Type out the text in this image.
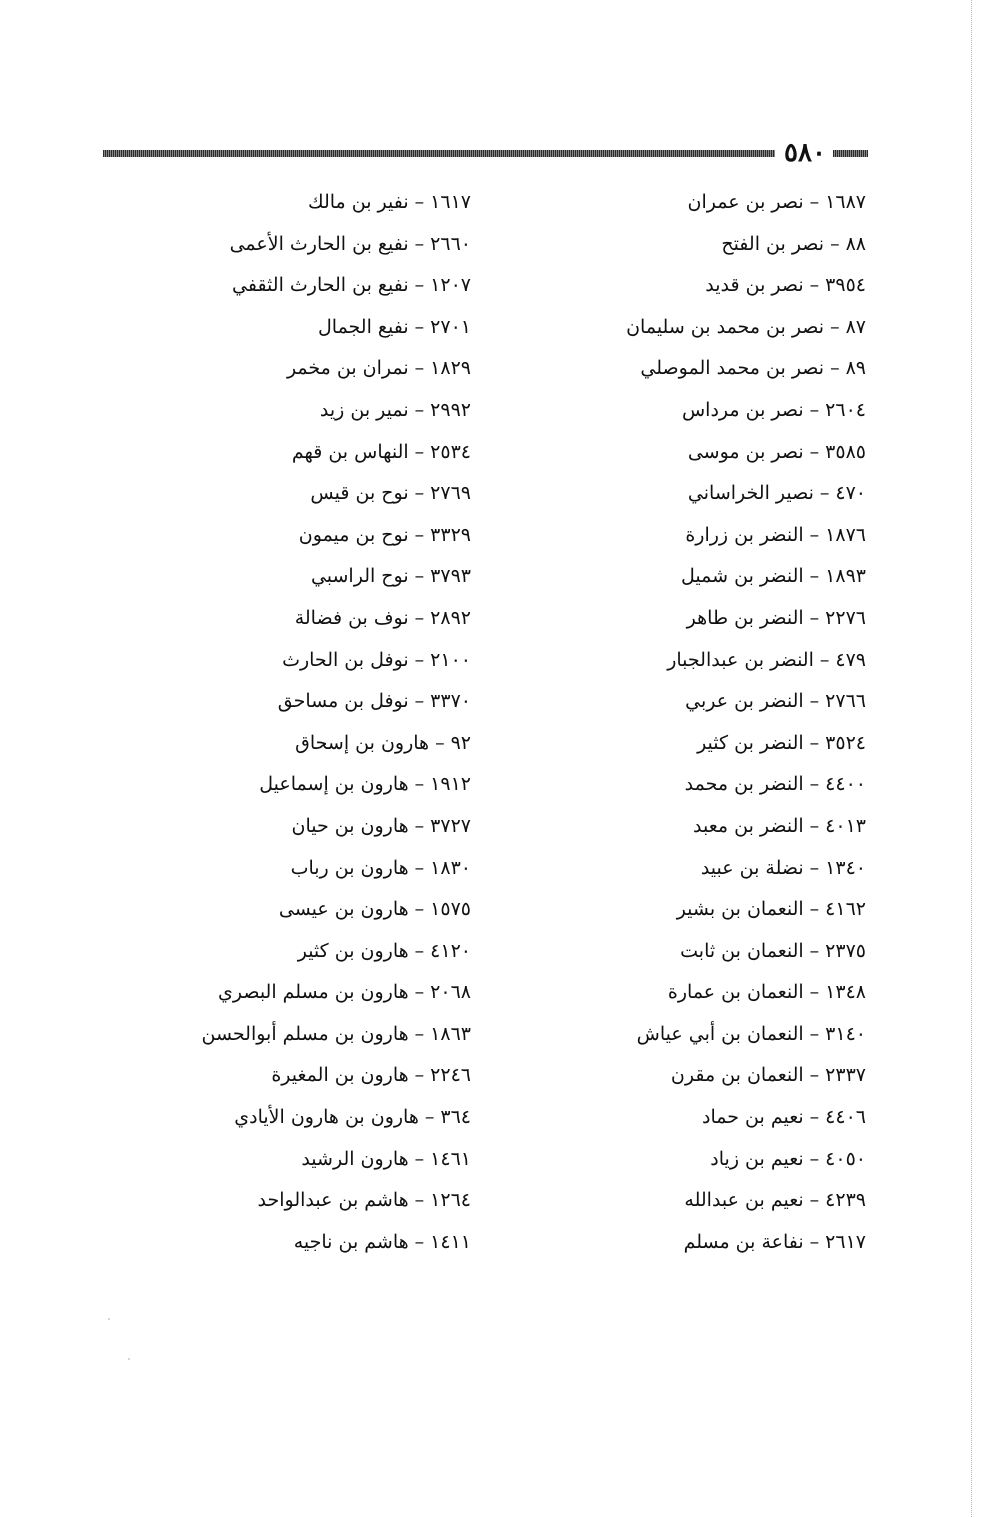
٥٨٠
١٦٨٧–نصر بن عمران
٨٨–نصر بن الفتح
٣٩٥٤–نصر بن قديد
٨٧–نصر بن محمد بن سليمان
٨٩–نصر بن محمد الموصلي
٢٦٠٤–نصر بن مرداس
٣٥٨٥–نصر بن موسى
٤٧٠–نصير الخراساني
١٨٧٦–النضر بن زرارة
١٨٩٣–النضر بن شميل
٢٢٧٦–النضر بن طاهر
٤٧٩–النضر بن عبدالجبار
٢٧٦٦–النضر بن عربي
٣٥٢٤–النضر بن كثير
٤٤٠٠–النضر بن محمد
٤٠١٣–النضر بن معبد
١٣٤٠–نضلة بن عبيد
٤١٦٢–النعمان بن بشير
٢٣٧٥–النعمان بن ثابت
١٣٤٨–النعمان بن عمارة
٣١٤٠–النعمان بن أبي عياش
٢٣٣٧–النعمان بن مقرن
٤٤٠٦–نعيم بن حماد
٤٠٥٠–نعيم بن زياد
٤٢٣٩–نعيم بن عبدالله
٢٦١٧–نفاعة بن مسلم
١٦١٧–نفير بن مالك
٢٦٦٠–نفيع بن الحارث الأعمى
١٢٠٧–نفيع بن الحارث الثقفي
٢٧٠١–نفيع الجمال
١٨٢٩–نمران بن مخمر
٢٩٩٢–نمير بن زيد
٢٥٣٤–النهاس بن قهم
٢٧٦٩–نوح بن قيس
٣٣٢٩–نوح بن ميمون
٣٧٩٣–نوح الراسبي
٢٨٩٢–نوف بن فضالة
٢١٠٠–نوفل بن الحارث
٣٣٧٠–نوفل بن مساحق
٩٢–هارون بن إسحاق
١٩١٢–هارون بن إسماعيل
٣٧٢٧–هارون بن حيان
١٨٣٠–هارون بن رباب
١٥٧٥–هارون بن عيسى
٤١٢٠–هارون بن كثير
٢٠٦٨–هارون بن مسلم البصري
١٨٦٣–هارون بن مسلم أبوالحسن
٢٢٤٦–هارون بن المغيرة
٣٦٤–هارون بن هارون الأيادي
١٤٦١–هارون الرشيد
١٢٦٤–هاشم بن عبدالواحد
١٤١١–هاشم بن ناجيه
